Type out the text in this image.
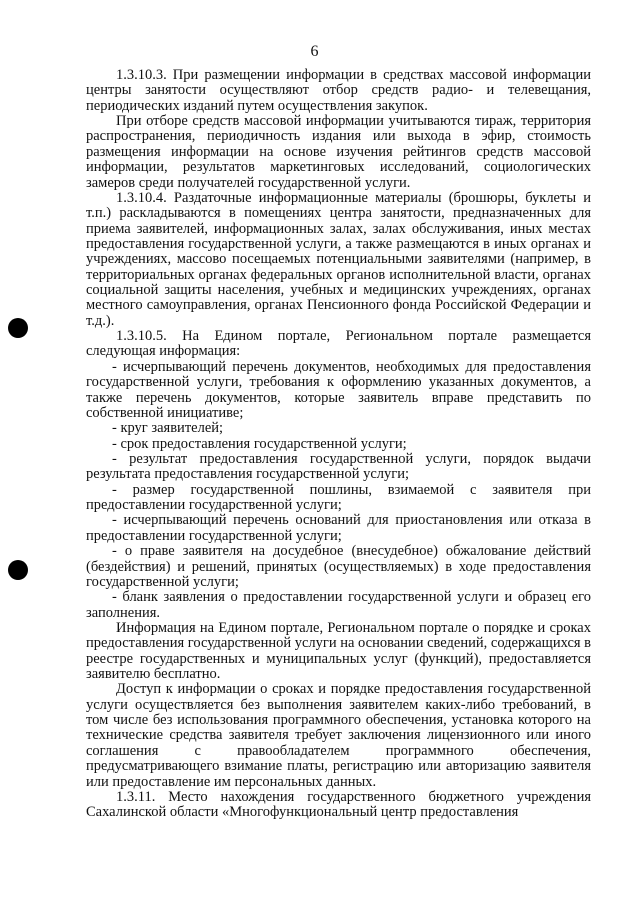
6

1.3.10.3. При размещении информации в средствах массовой информации центры занятости осуществляют отбор средств радио- и телевещания, периодических изданий путем осуществления закупок.

При отборе средств массовой информации учитываются тираж, территория распространения, периодичность издания или выхода в эфир, стоимость размещения информации на основе изучения рейтингов средств массовой информации, результатов маркетинговых исследований, социологических замеров среди получателей государственной услуги.

1.3.10.4. Раздаточные информационные материалы (брошюры, буклеты и т.п.) раскладываются в помещениях центра занятости, предназначенных для приема заявителей, информационных залах, залах обслуживания, иных местах предоставления государственной услуги, а также размещаются в иных органах и учреждениях, массово посещаемых потенциальными заявителями (например, в территориальных органах федеральных органов исполнительной власти, органах социальной защиты населения, учебных и медицинских учреждениях, органах местного самоуправления, органах Пенсионного фонда Российской Федерации и т.д.).

1.3.10.5. На Едином портале, Региональном портале размещается следующая информация:

- исчерпывающий перечень документов, необходимых для предоставления государственной услуги, требования к оформлению указанных документов, а также перечень документов, которые заявитель вправе представить по собственной инициативе;

- круг заявителей;

- срок предоставления государственной услуги;

- результат предоставления государственной услуги, порядок выдачи результата предоставления государственной услуги;

- размер государственной пошлины, взимаемой с заявителя при предоставлении государственной услуги;

- исчерпывающий перечень оснований для приостановления или отказа в предоставлении государственной услуги;

- о праве заявителя на досудебное (внесудебное) обжалование действий (бездействия) и решений, принятых (осуществляемых) в ходе предоставления государственной услуги;

- бланк заявления о предоставлении государственной услуги и образец его заполнения.

Информация на Едином портале, Региональном портале о порядке и сроках предоставления государственной услуги на основании сведений, содержащихся в реестре государственных и муниципальных услуг (функций), предоставляется заявителю бесплатно.

Доступ к информации о сроках и порядке предоставления государственной услуги осуществляется без выполнения заявителем каких-либо требований, в том числе без использования программного обеспечения, установка которого на технические средства заявителя требует заключения лицензионного или иного соглашения с правообладателем программного обеспечения, предусматривающего взимание платы, регистрацию или авторизацию заявителя или предоставление им персональных данных.

1.3.11. Место нахождения государственного бюджетного учреждения Сахалинской области «Многофункциональный центр предоставления
